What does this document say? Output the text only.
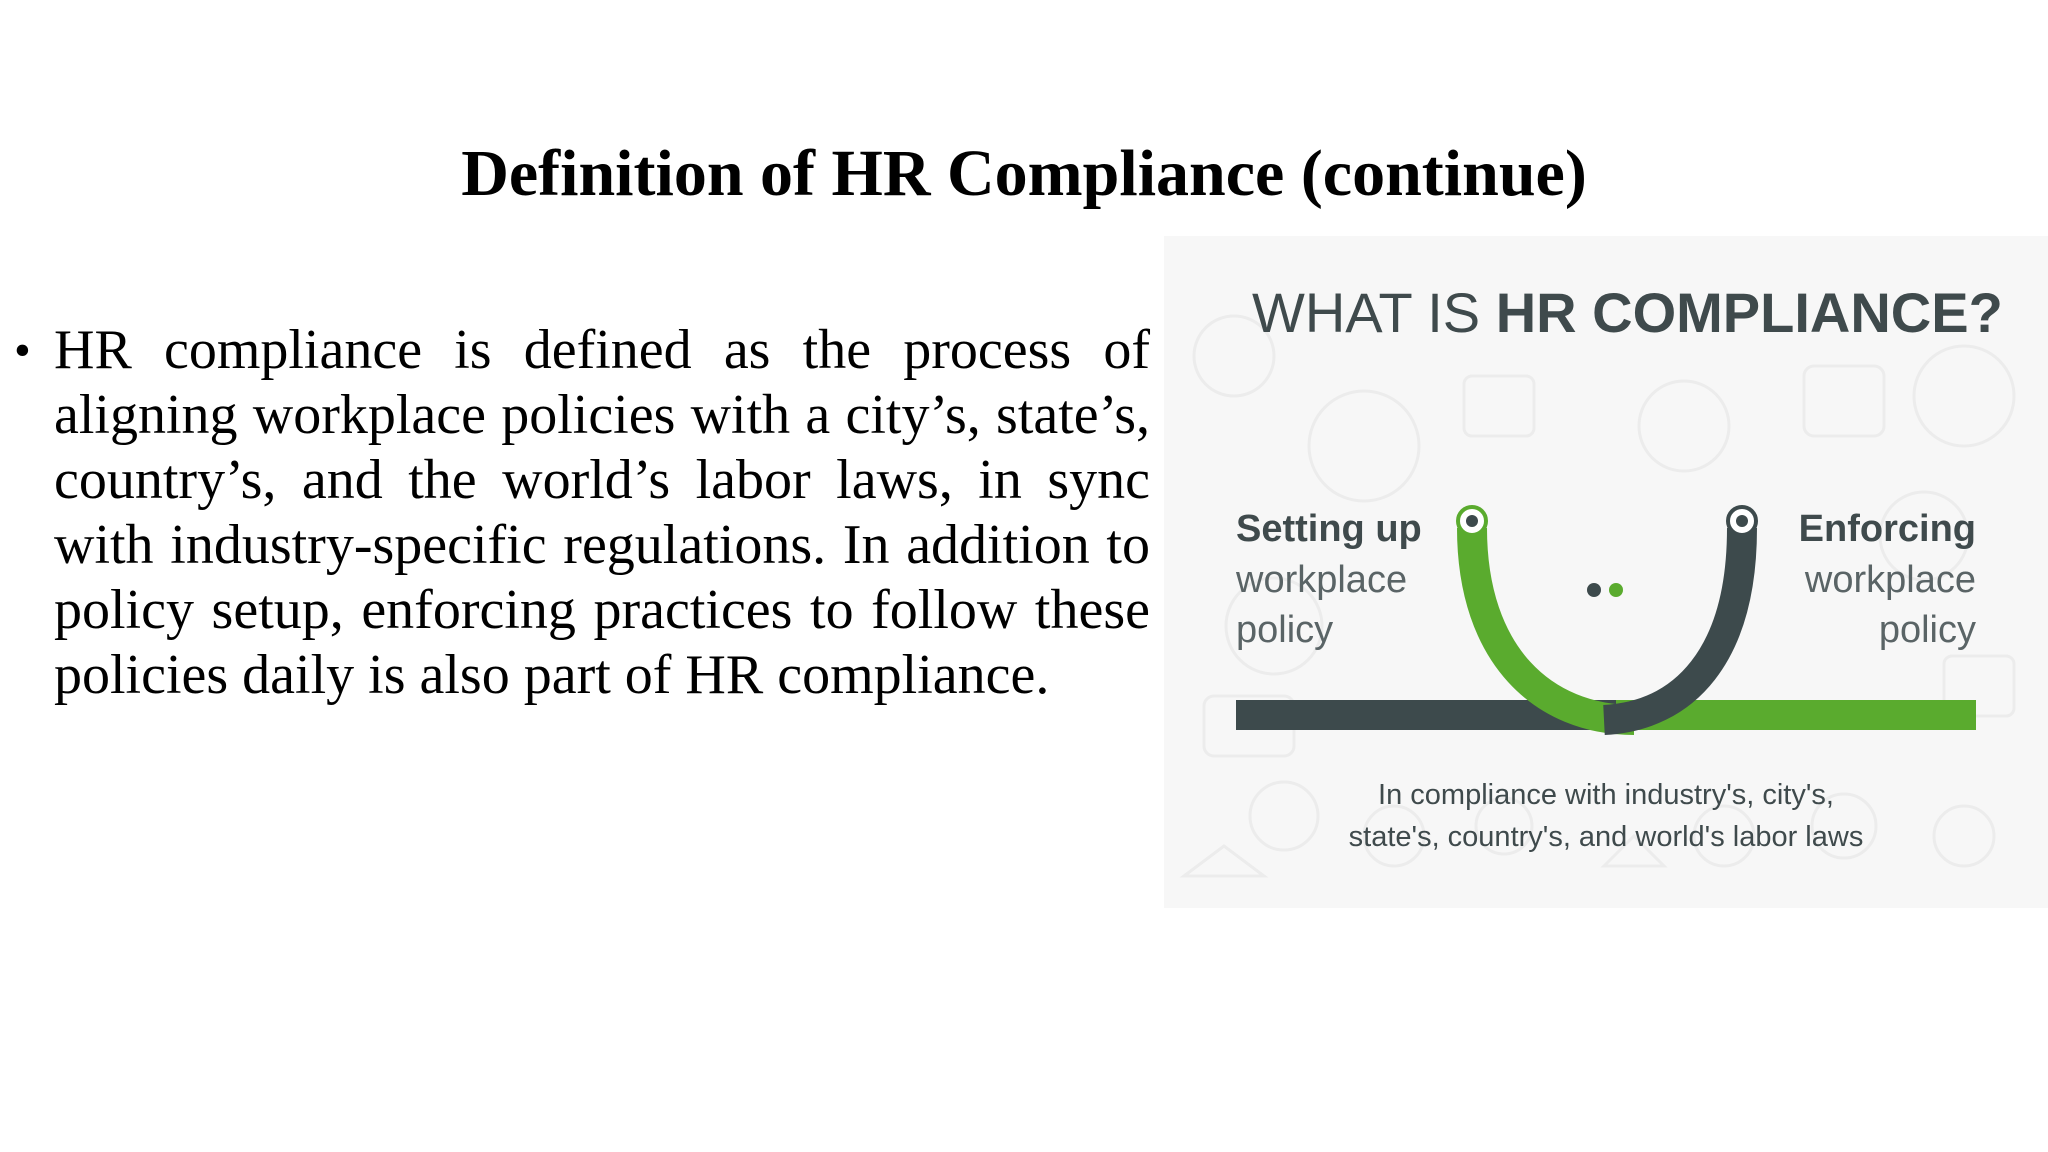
Definition of HR Compliance (continue)
• HR compliance is defined as the process of aligning workplace policies with a city’s, state’s, country’s, and the world’s labor laws, in sync with industry-specific regulations. In addition to policy setup, enforcing practices to follow these policies daily is also part of HR compliance.

WHAT IS HR COMPLIANCE?
Setting up
workplace
policy
Enforcing
workplace
policy
In compliance with industry's, city's,
state's, country's, and world's labor laws
